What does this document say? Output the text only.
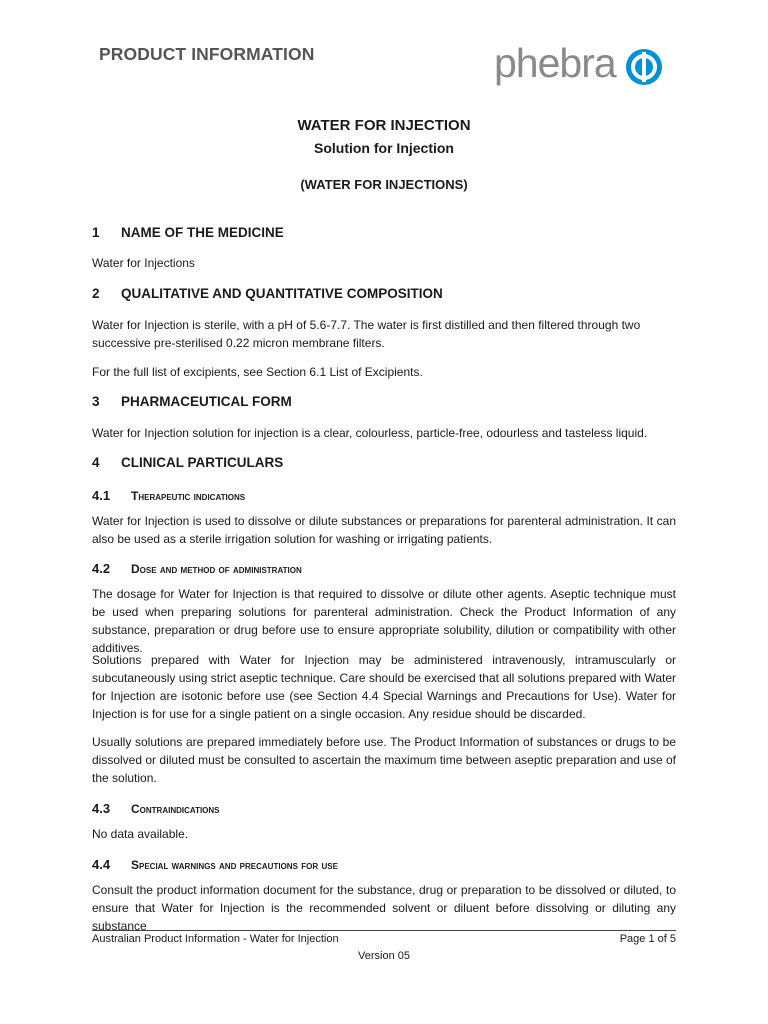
PRODUCT INFORMATION	phebra
WATER FOR INJECTION
Solution for Injection
(WATER FOR INJECTIONS)
1 NAME OF THE MEDICINE
Water for Injections
2 QUALITATIVE AND QUANTITATIVE COMPOSITION
Water for Injection is sterile, with a pH of 5.6-7.7. The water is first distilled and then filtered through two successive pre-sterilised 0.22 micron membrane filters.
For the full list of excipients, see Section 6.1 List of Excipients.
3 PHARMACEUTICAL FORM
Water for Injection solution for injection is a clear, colourless, particle-free, odourless and tasteless liquid.
4 CLINICAL PARTICULARS
4.1 Therapeutic indications
Water for Injection is used to dissolve or dilute substances or preparations for parenteral administration. It can also be used as a sterile irrigation solution for washing or irrigating patients.
4.2 Dose and method of administration
The dosage for Water for Injection is that required to dissolve or dilute other agents. Aseptic technique must be used when preparing solutions for parenteral administration. Check the Product Information of any substance, preparation or drug before use to ensure appropriate solubility, dilution or compatibility with other additives.
Solutions prepared with Water for Injection may be administered intravenously, intramuscularly or subcutaneously using strict aseptic technique. Care should be exercised that all solutions prepared with Water for Injection are isotonic before use (see Section 4.4 Special Warnings and Precautions for Use). Water for Injection is for use for a single patient on a single occasion. Any residue should be discarded.
Usually solutions are prepared immediately before use. The Product Information of substances or drugs to be dissolved or diluted must be consulted to ascertain the maximum time between aseptic preparation and use of the solution.
4.3 Contraindications
No data available.
4.4 Special warnings and precautions for use
Consult the product information document for the substance, drug or preparation to be dissolved or diluted, to ensure that Water for Injection is the recommended solvent or diluent before dissolving or diluting any substance
Australian Product Information - Water for Injection	Page 1 of 5
Version 05
